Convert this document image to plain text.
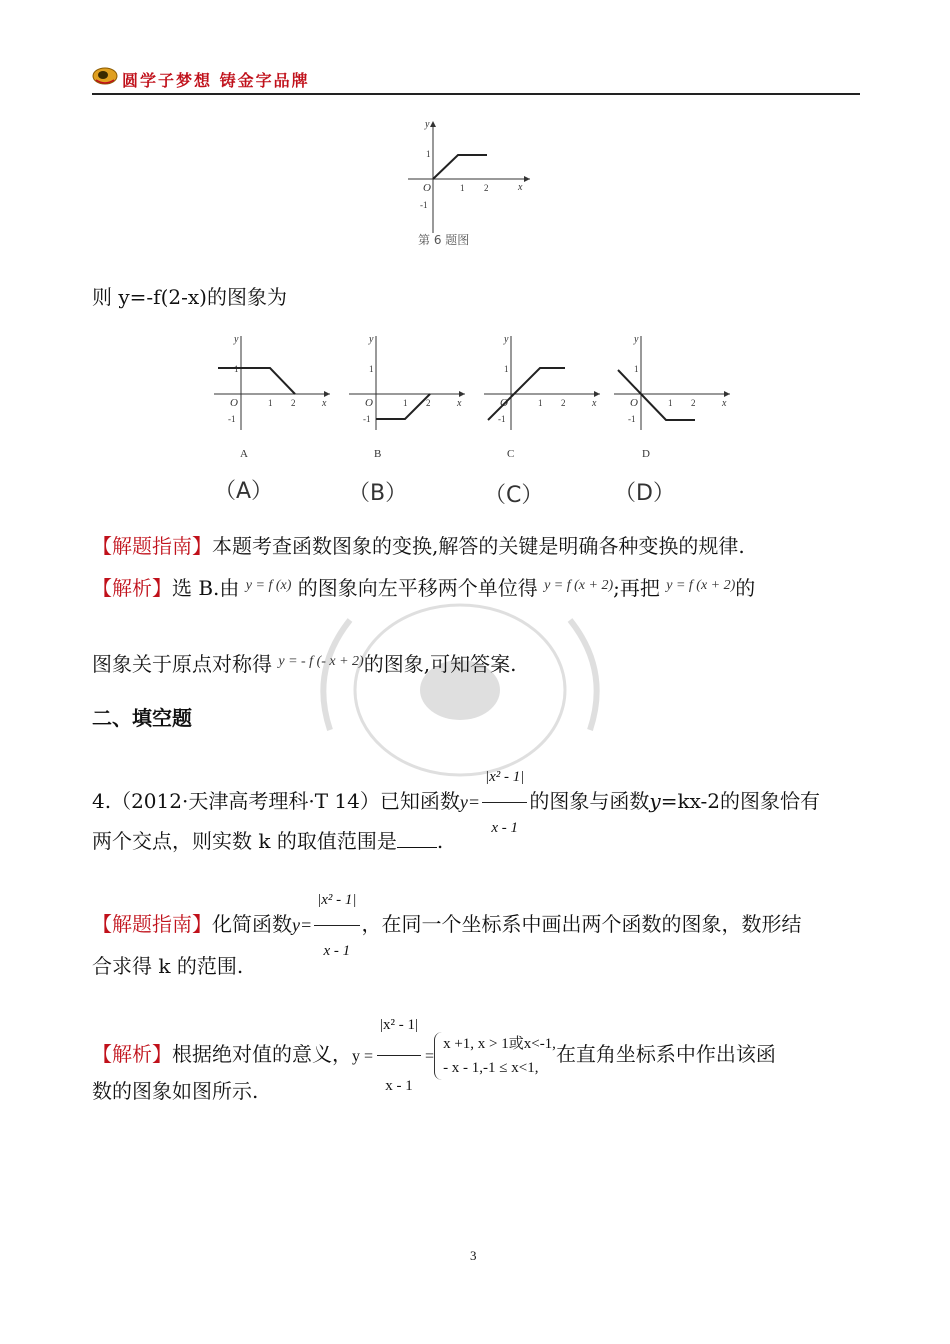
圆学子梦想 铸金字品牌
y
x
O
1
-1
1 2
第 6 题图
则 y=-f(2-x)的图象为
y
x
O
1
-1
1 2
y
x
O
1
-1
1 2
y
x
O
1
-1
1 2
y
x
O
1
-1
1 2
A	B	C	D
（A）	（B）	（C）	（D）
【解题指南】本题考查函数图象的变换,解答的关键是明确各种变换的规律.
【解析】选 B.由 $^{y = f (x)}$ 的图象向左平移两个单位得 $^{y = f (x + 2)}$;再把 $^{y = f (x + 2)}$的
图象关于原点对称得 $^{y = - f (- x + 2)}$的图象,可知答案.
二、填空题
4.（2012·天津高考理科·T 14）已知函数$y= \frac{\text{|x² - 1|}}{x - 1}$ 的图象与函数y=kx-2的图象恰有
两个交点，则实数 k 的取值范围是 .
【解题指南】化简函数$y= \frac{\text{|x² - 1|}}{x - 1}$ ，在同一个坐标系中画出两个函数的图象，数形结
合求得 k 的范围.
【解析】根据绝对值的意义，$y = \frac{\text{|x² - 1|}}{x - 1}$ =
x +1, x > 1或x<-1,
- x - 1,-1 ≤ x<1,
在直角坐标系中作出该函
数的图象如图所示.
3
